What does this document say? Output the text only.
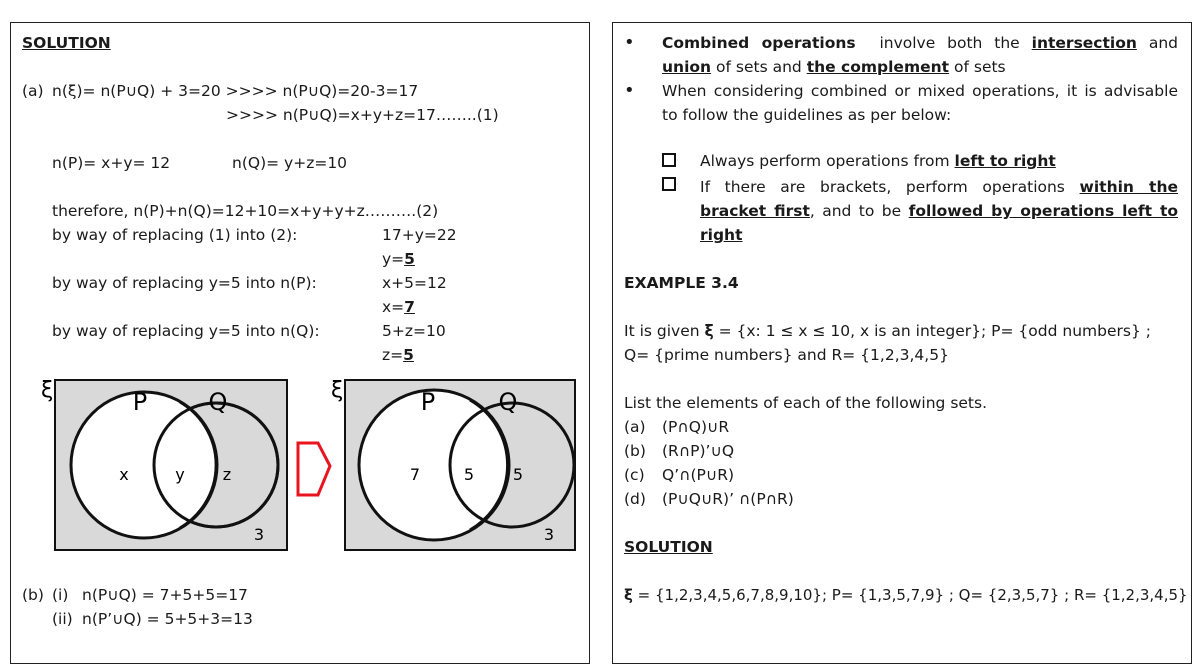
SOLUTION
(a) n(ξ)= n(P∪Q) + 3=20 >>>> n(P∪Q)=20-3=17
>>>> n(P∪Q)=x+y+z=17……..(1)
n(P)= x+y= 12	n(Q)= y+z=10
therefore, n(P)+n(Q)=12+10=x+y+y+z……….(2)
by way of replacing (1) into (2):	17+y=22
y=5
by way of replacing y=5 into n(P):	x+5=12
x=7
by way of replacing y=5 into n(Q):	5+z=10
z=5
ξ	P	Q
x	y z
3
ξ	P	Q
7	5 5
3
(b) (i) n(P∪Q) = 7+5+5=17
(ii) n(P’∪Q) = 5+5+3=13
• Combined operations involve both the intersection and union of sets and the complement of sets
• When considering combined or mixed operations, it is advisable to follow the guidelines as per below:
Always perform operations from left to right
If there are brackets, perform operations within the bracket first, and to be followed by operations left to right
EXAMPLE 3.4
It is given ξ = {x: 1 ≤ x ≤ 10, x is an integer}; P= {odd numbers} ;
Q= {prime numbers} and R= {1,2,3,4,5}
List the elements of each of the following sets.
(a) (P∩Q)∪R
(b) (R∩P)’∪Q
(c) Q’∩(P∪R)
(d) (P∪Q∪R)’ ∩(P∩R)
SOLUTION
ξ = {1,2,3,4,5,6,7,8,9,10}; P= {1,3,5,7,9} ; Q= {2,3,5,7} ; R= {1,2,3,4,5}
